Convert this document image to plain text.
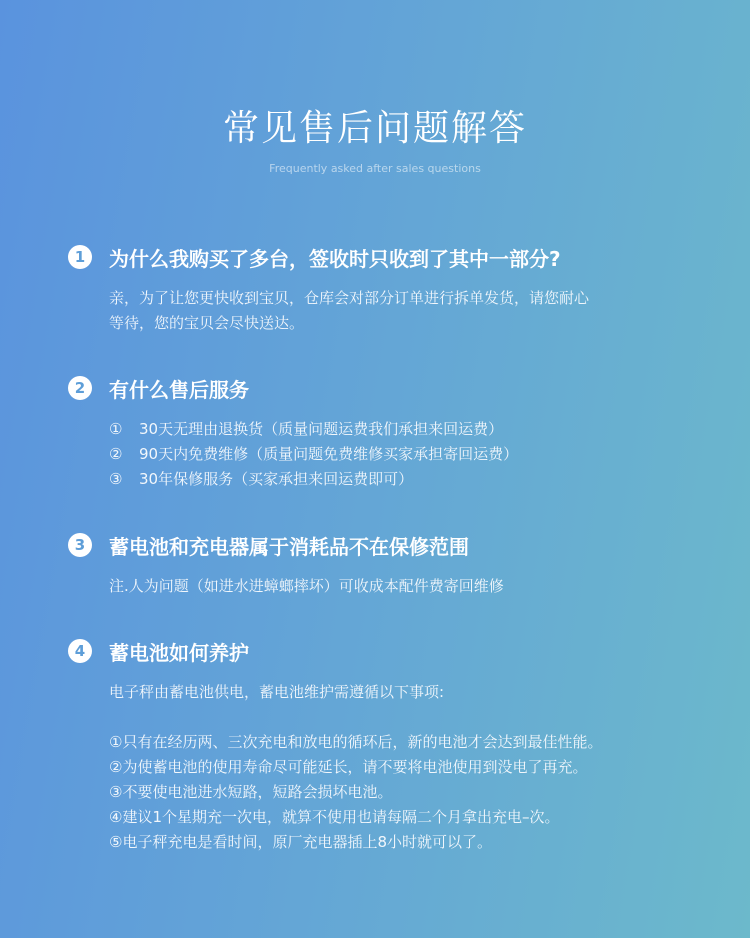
常见售后问题解答
Frequently asked after sales questions
1	为什么我购买了多台，签收时只收到了其中一部分?
亲，为了让您更快收到宝贝，仓库会对部分订单进行拆单发货，请您耐心
等待，您的宝贝会尽快送达。
2	有什么售后服务
①	30天无理由退换货（质量问题运费我们承担来回运费）
②	90天内免费维修（质量问题免费维修买家承担寄回运费）
③	30年保修服务（买家承担来回运费即可）
3	蓄电池和充电器属于消耗品不在保修范围
注.人为问题（如进水进蟑螂摔坏）可收成本配件费寄回维修
4	蓄电池如何养护
电子秤由蓄电池供电，蓄电池维护需遵循以下事项:
①只有在经历两、三次充电和放电的循环后，新的电池才会达到最佳性能。
②为使蓄电池的使用寿命尽可能延长，请不要将电池使用到没电了再充。
③不要使电池进水短路，短路会损坏电池。
④建议1个星期充一次电，就算不使用也请每隔二个月拿出充电–次。
⑤电子秤充电是看时间，原厂充电器插上8小时就可以了。
